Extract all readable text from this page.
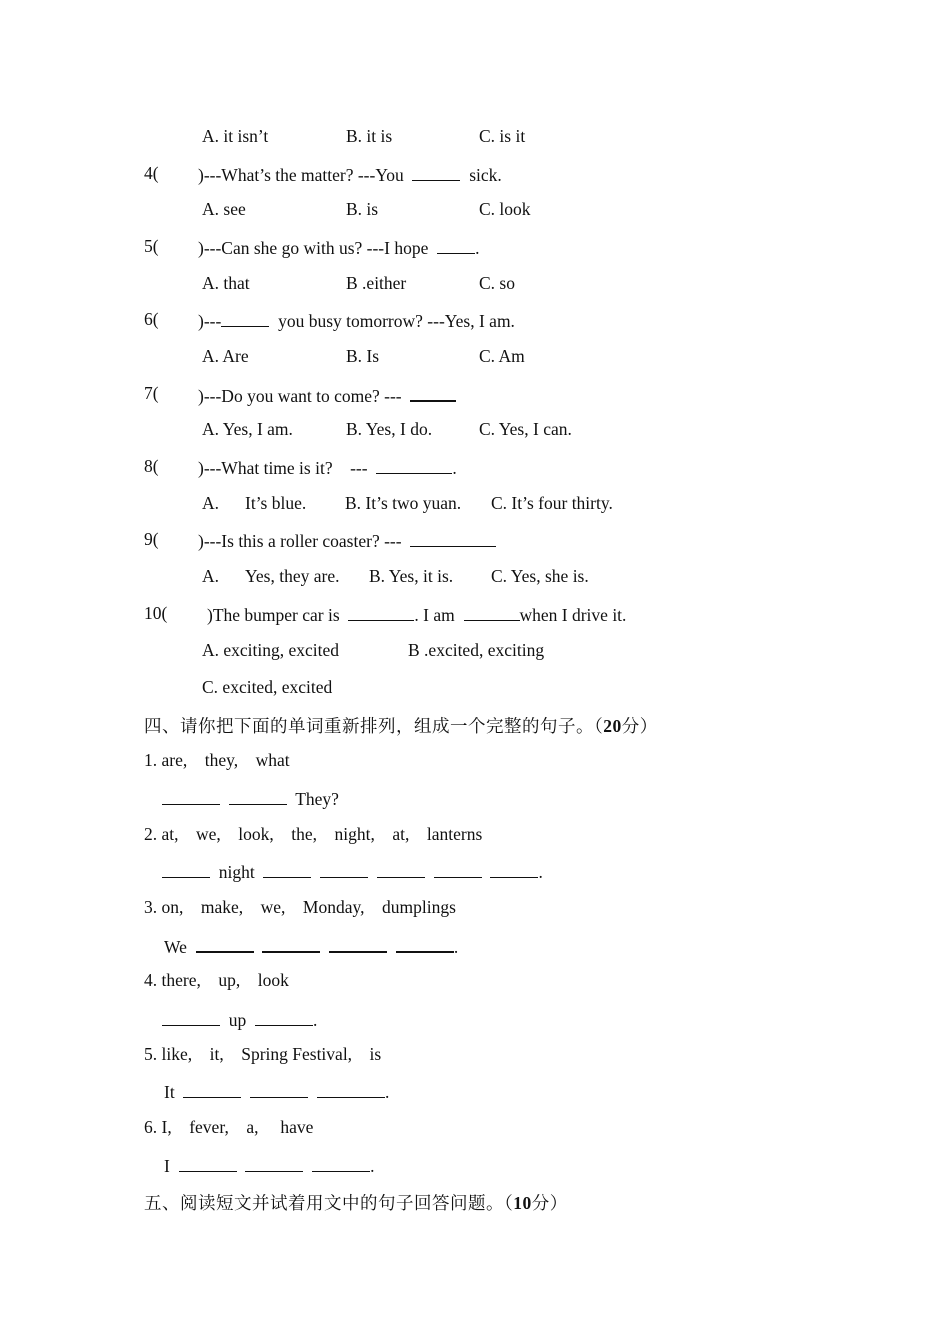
A. it isn’t	B. it is	C. is it
4( )---What’s the matter? ---You	sick.
A. see	B. is	C. look
5( )---Can she go with us? ---I hope	.
A. that	B .either	C. so
6( )---	you busy tomorrow? ---Yes, I am.
A. Are	B. Is	C. Am
7( )---Do you want to come? ---
A. Yes, I am.	B. Yes, I do.	C. Yes, I can.
8( )---What time is it? ---	.
A. It’s blue. B. It’s two yuan. C. It’s four thirty.
9( )---Is this a roller coaster? ---
A. Yes, they are. B. Yes, it is. C. Yes, she is.
10( )The bumper car is	. I am	when I drive it.
A. exciting, excited	B .excited, exciting
C. excited, excited
四、请你把下面的单词重新排列，组成一个完整的句子。（20分）
1. are,    they,    what
They?
2. at,    we,    look,    the,    night,    at,    lanterns
night	.
3. on,    make,    we,    Monday,    dumplings
We	.
4. there,    up,    look
up	.
5. like,    it,    Spring Festival,    is
It	.
6. I,    fever,    a,     have
I	.
五、阅读短文并试着用文中的句子回答问题。（10分）
